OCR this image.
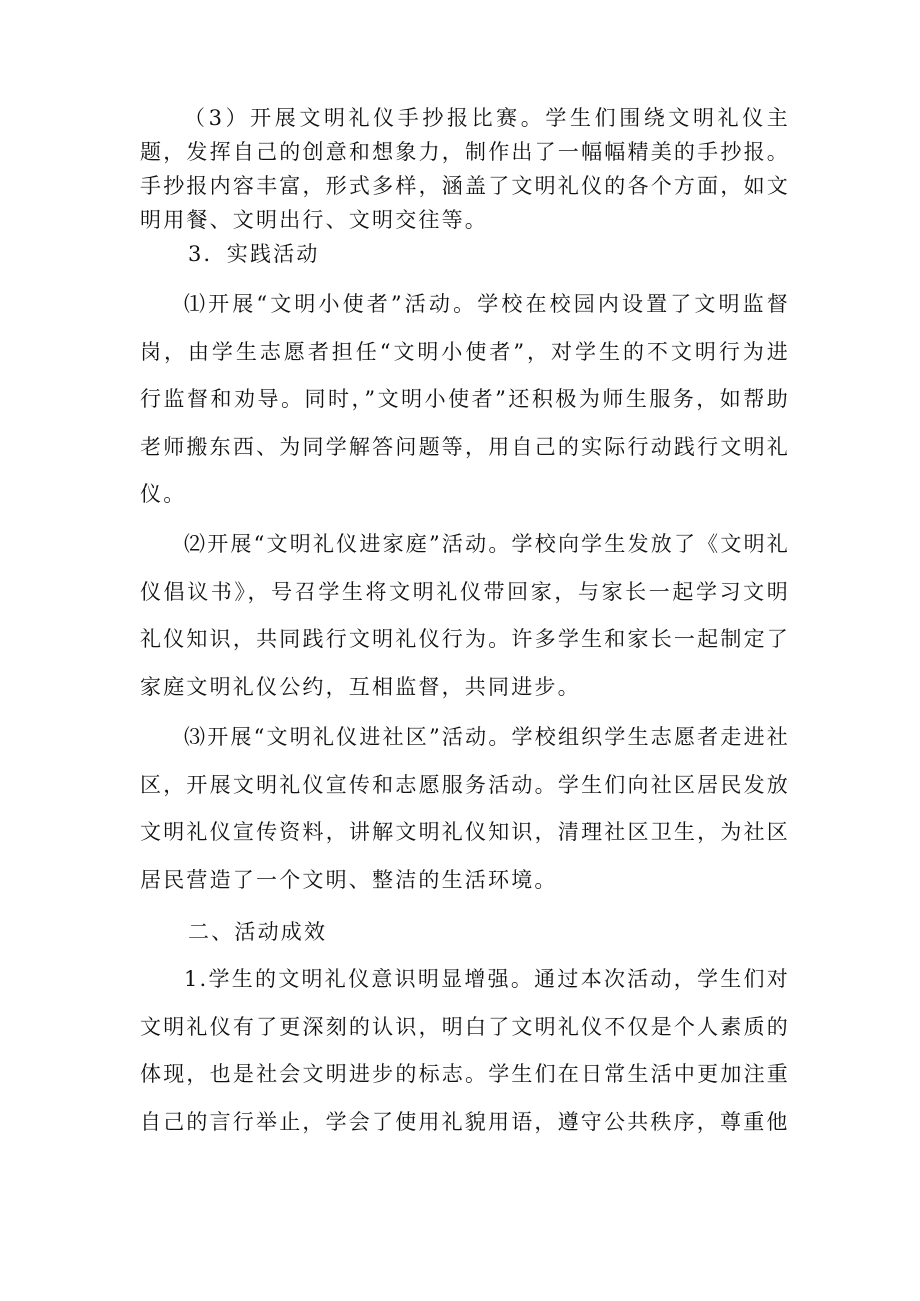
（3）开展文明礼仪手抄报比赛。学生们围绕文明礼仪主题，发挥自己的创意和想象力，制作出了一幅幅精美的手抄报。手抄报内容丰富，形式多样，涵盖了文明礼仪的各个方面，如文明用餐、文明出行、文明交往等。

3．实践活动

⑴开展“文明小使者”活动。学校在校园内设置了文明监督岗，由学生志愿者担任“文明小使者”，对学生的不文明行为进行监督和劝导。同时，”文明小使者”还积极为师生服务，如帮助老师搬东西、为同学解答问题等，用自己的实际行动践行文明礼仪。

⑵开展“文明礼仪进家庭”活动。学校向学生发放了《文明礼仪倡议书》，号召学生将文明礼仪带回家，与家长一起学习文明礼仪知识，共同践行文明礼仪行为。许多学生和家长一起制定了家庭文明礼仪公约，互相监督，共同进步。

⑶开展“文明礼仪进社区”活动。学校组织学生志愿者走进社区，开展文明礼仪宣传和志愿服务活动。学生们向社区居民发放文明礼仪宣传资料，讲解文明礼仪知识，清理社区卫生，为社区居民营造了一个文明、整洁的生活环境。

二、活动成效

1.学生的文明礼仪意识明显增强。通过本次活动，学生们对文明礼仪有了更深刻的认识，明白了文明礼仪不仅是个人素质的体现，也是社会文明进步的标志。学生们在日常生活中更加注重自己的言行举止，学会了使用礼貌用语，遵守公共秩序，尊重他
